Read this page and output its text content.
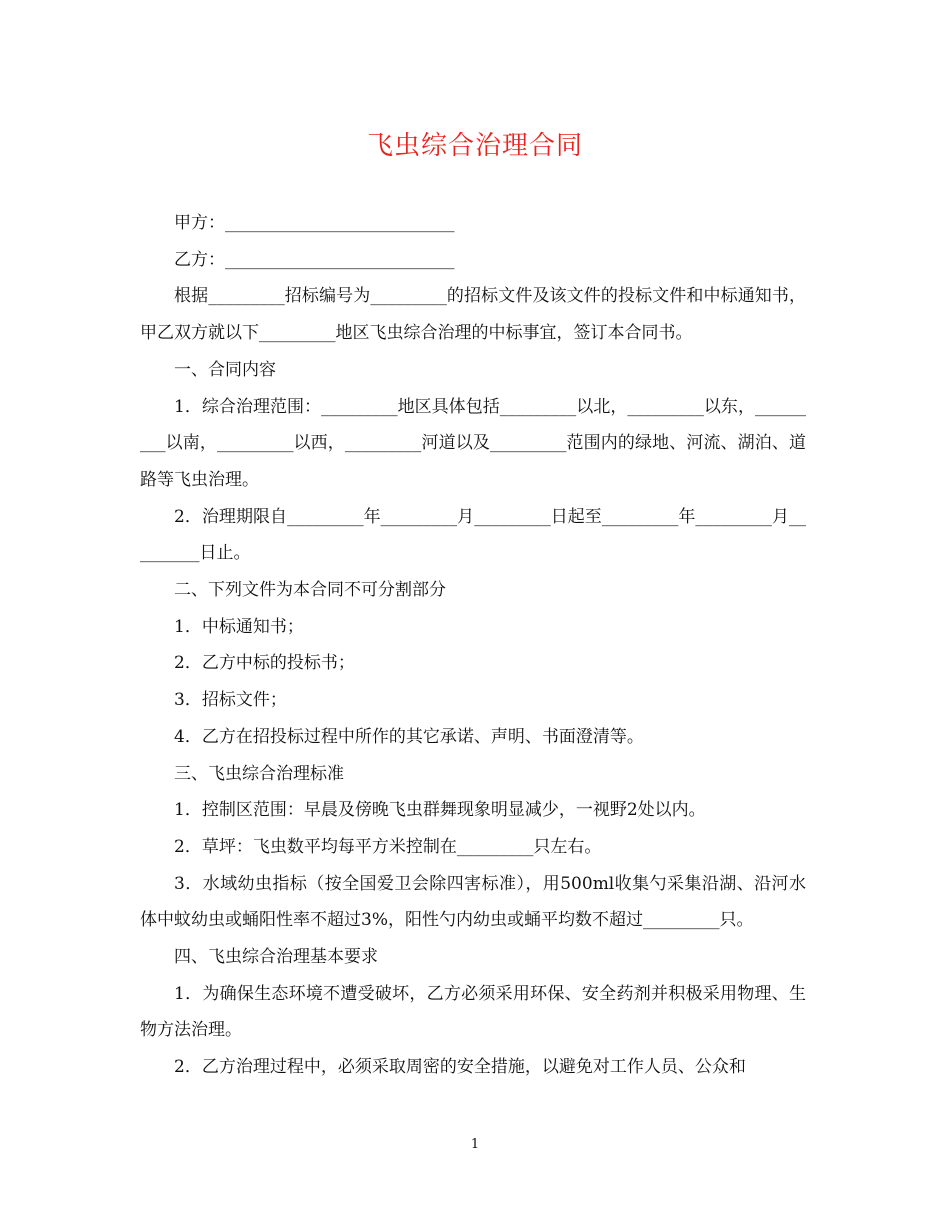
飞虫综合治理合同

甲方：___________________________

乙方：___________________________

根据_________招标编号为_________的招标文件及该文件的投标文件和中标通知书，甲乙双方就以下_________地区飞虫综合治理的中标事宜，签订本合同书。

一、合同内容

1．综合治理范围：_________地区具体包括_________以北，_________以东，_________以南，_________以西，_________河道以及_________范围内的绿地、河流、湖泊、道路等飞虫治理。

2．治理期限自_________年_________月_________日起至_________年_________月_________日止。

二、下列文件为本合同不可分割部分

1．中标通知书；

2．乙方中标的投标书；

3．招标文件；

4．乙方在招投标过程中所作的其它承诺、声明、书面澄清等。

三、飞虫综合治理标准

1．控制区范围：早晨及傍晚飞虫群舞现象明显减少，一视野2处以内。

2．草坪：飞虫数平均每平方米控制在_________只左右。

3．水域幼虫指标（按全国爱卫会除四害标准），用500ml收集勺采集沿湖、沿河水体中蚊幼虫或蛹阳性率不超过3%，阳性勺内幼虫或蛹平均数不超过_________只。

四、飞虫综合治理基本要求

1．为确保生态环境不遭受破坏，乙方必须采用环保、安全药剂并积极采用物理、生物方法治理。

2．乙方治理过程中，必须采取周密的安全措施，以避免对工作人员、公众和

1
